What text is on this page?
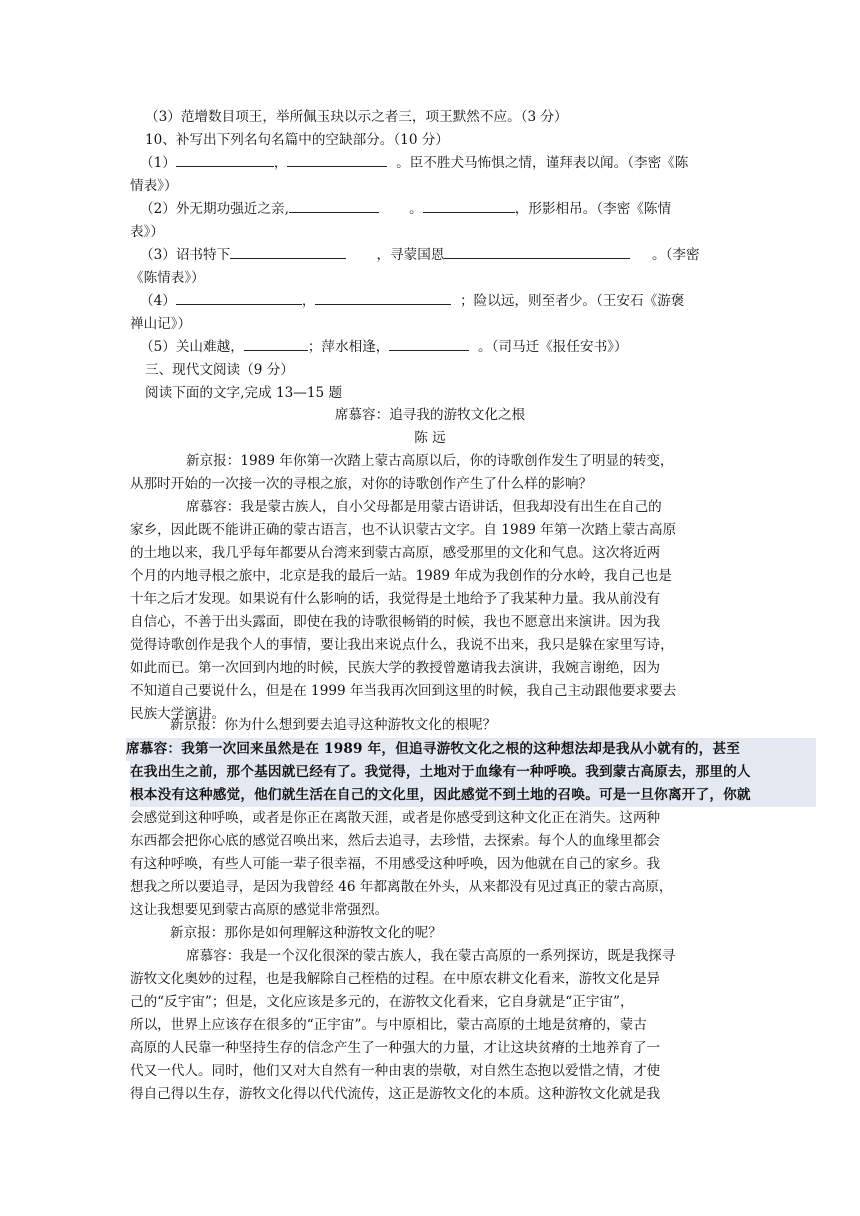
（3）范增数目项王，举所佩玉玦以示之者三，项王默然不应。（3 分）
10、补写出下列名句名篇中的空缺部分。（10 分）
（1）	，	。臣不胜犬马怖惧之情，谨拜表以闻。（李密《陈
情表》）
（2）外无期功强近之亲,	。	，形影相吊。（李密《陈情
表》）
（3）诏书特下	，寻蒙国恩	。（李密
《陈情表》）
（4）	，	；险以远，则至者少。（王安石《游褒
禅山记》）
（5）关山难越，	；萍水相逢，	。（司马迁《报任安书》）
三、现代文阅读（9 分）
阅读下面的文字,完成 13—15 题
席慕容：追寻我的游牧文化之根
陈 远
新京报：1989 年你第一次踏上蒙古高原以后，你的诗歌创作发生了明显的转变，
从那时开始的一次接一次的寻根之旅，对你的诗歌创作产生了什么样的影响？
席慕容：我是蒙古族人，自小父母都是用蒙古语讲话，但我却没有出生在自己的
家乡，因此既不能讲正确的蒙古语言，也不认识蒙古文字。自 1989 年第一次踏上蒙古高原
的土地以来，我几乎每年都要从台湾来到蒙古高原，感受那里的文化和气息。这次将近两
个月的内地寻根之旅中，北京是我的最后一站。1989 年成为我创作的分水岭，我自己也是
十年之后才发现。如果说有什么影响的话，我觉得是土地给予了我某种力量。我从前没有
自信心，不善于出头露面，即使在我的诗歌很畅销的时候，我也不愿意出来演讲。因为我
觉得诗歌创作是我个人的事情，要让我出来说点什么，我说不出来，我只是躲在家里写诗，
如此而已。第一次回到内地的时候，民族大学的教授曾邀请我去演讲，我婉言谢绝，因为
不知道自己要说什么，但是在 1999 年当我再次回到这里的时候，我自己主动跟他要求要去
民族大学演讲。
新京报：你为什么想到要去追寻这种游牧文化的根呢？
席慕容：我第一次回来虽然是在 1989 年，但追寻游牧文化之根的这种想法却是我从小就有的，甚至
在我出生之前，那个基因就已经有了。我觉得，土地对于血缘有一种呼唤。我到蒙古高原去，那里的人
根本没有这种感觉，他们就生活在自己的文化里，因此感觉不到土地的召唤。可是一旦你离开了，你就
会感觉到这种呼唤，或者是你正在离散天涯，或者是你感受到这种文化正在消失。这两种
东西都会把你心底的感觉召唤出来，然后去追寻，去珍惜，去探索。每个人的血缘里都会
有这种呼唤，有些人可能一辈子很幸福，不用感受这种呼唤，因为他就在自己的家乡。我
想我之所以要追寻，是因为我曾经 46 年都离散在外头，从来都没有见过真正的蒙古高原，
这让我想要见到蒙古高原的感觉非常强烈。
新京报：那你是如何理解这种游牧文化的呢？
席慕容：我是一个汉化很深的蒙古族人，我在蒙古高原的一系列探访，既是我探寻
游牧文化奥妙的过程，也是我解除自己桎梏的过程。在中原农耕文化看来，游牧文化是异
己的“反宇宙”；但是，文化应该是多元的，在游牧文化看来，它自身就是“正宇宙”，
所以，世界上应该存在很多的“正宇宙”。与中原相比，蒙古高原的土地是贫瘠的，蒙古
高原的人民靠一种坚持生存的信念产生了一种强大的力量，才让这块贫瘠的土地养育了一
代又一代人。同时，他们又对大自然有一种由衷的崇敬，对自然生态抱以爱惜之情，才使
得自己得以生存，游牧文化得以代代流传，这正是游牧文化的本质。这种游牧文化就是我
